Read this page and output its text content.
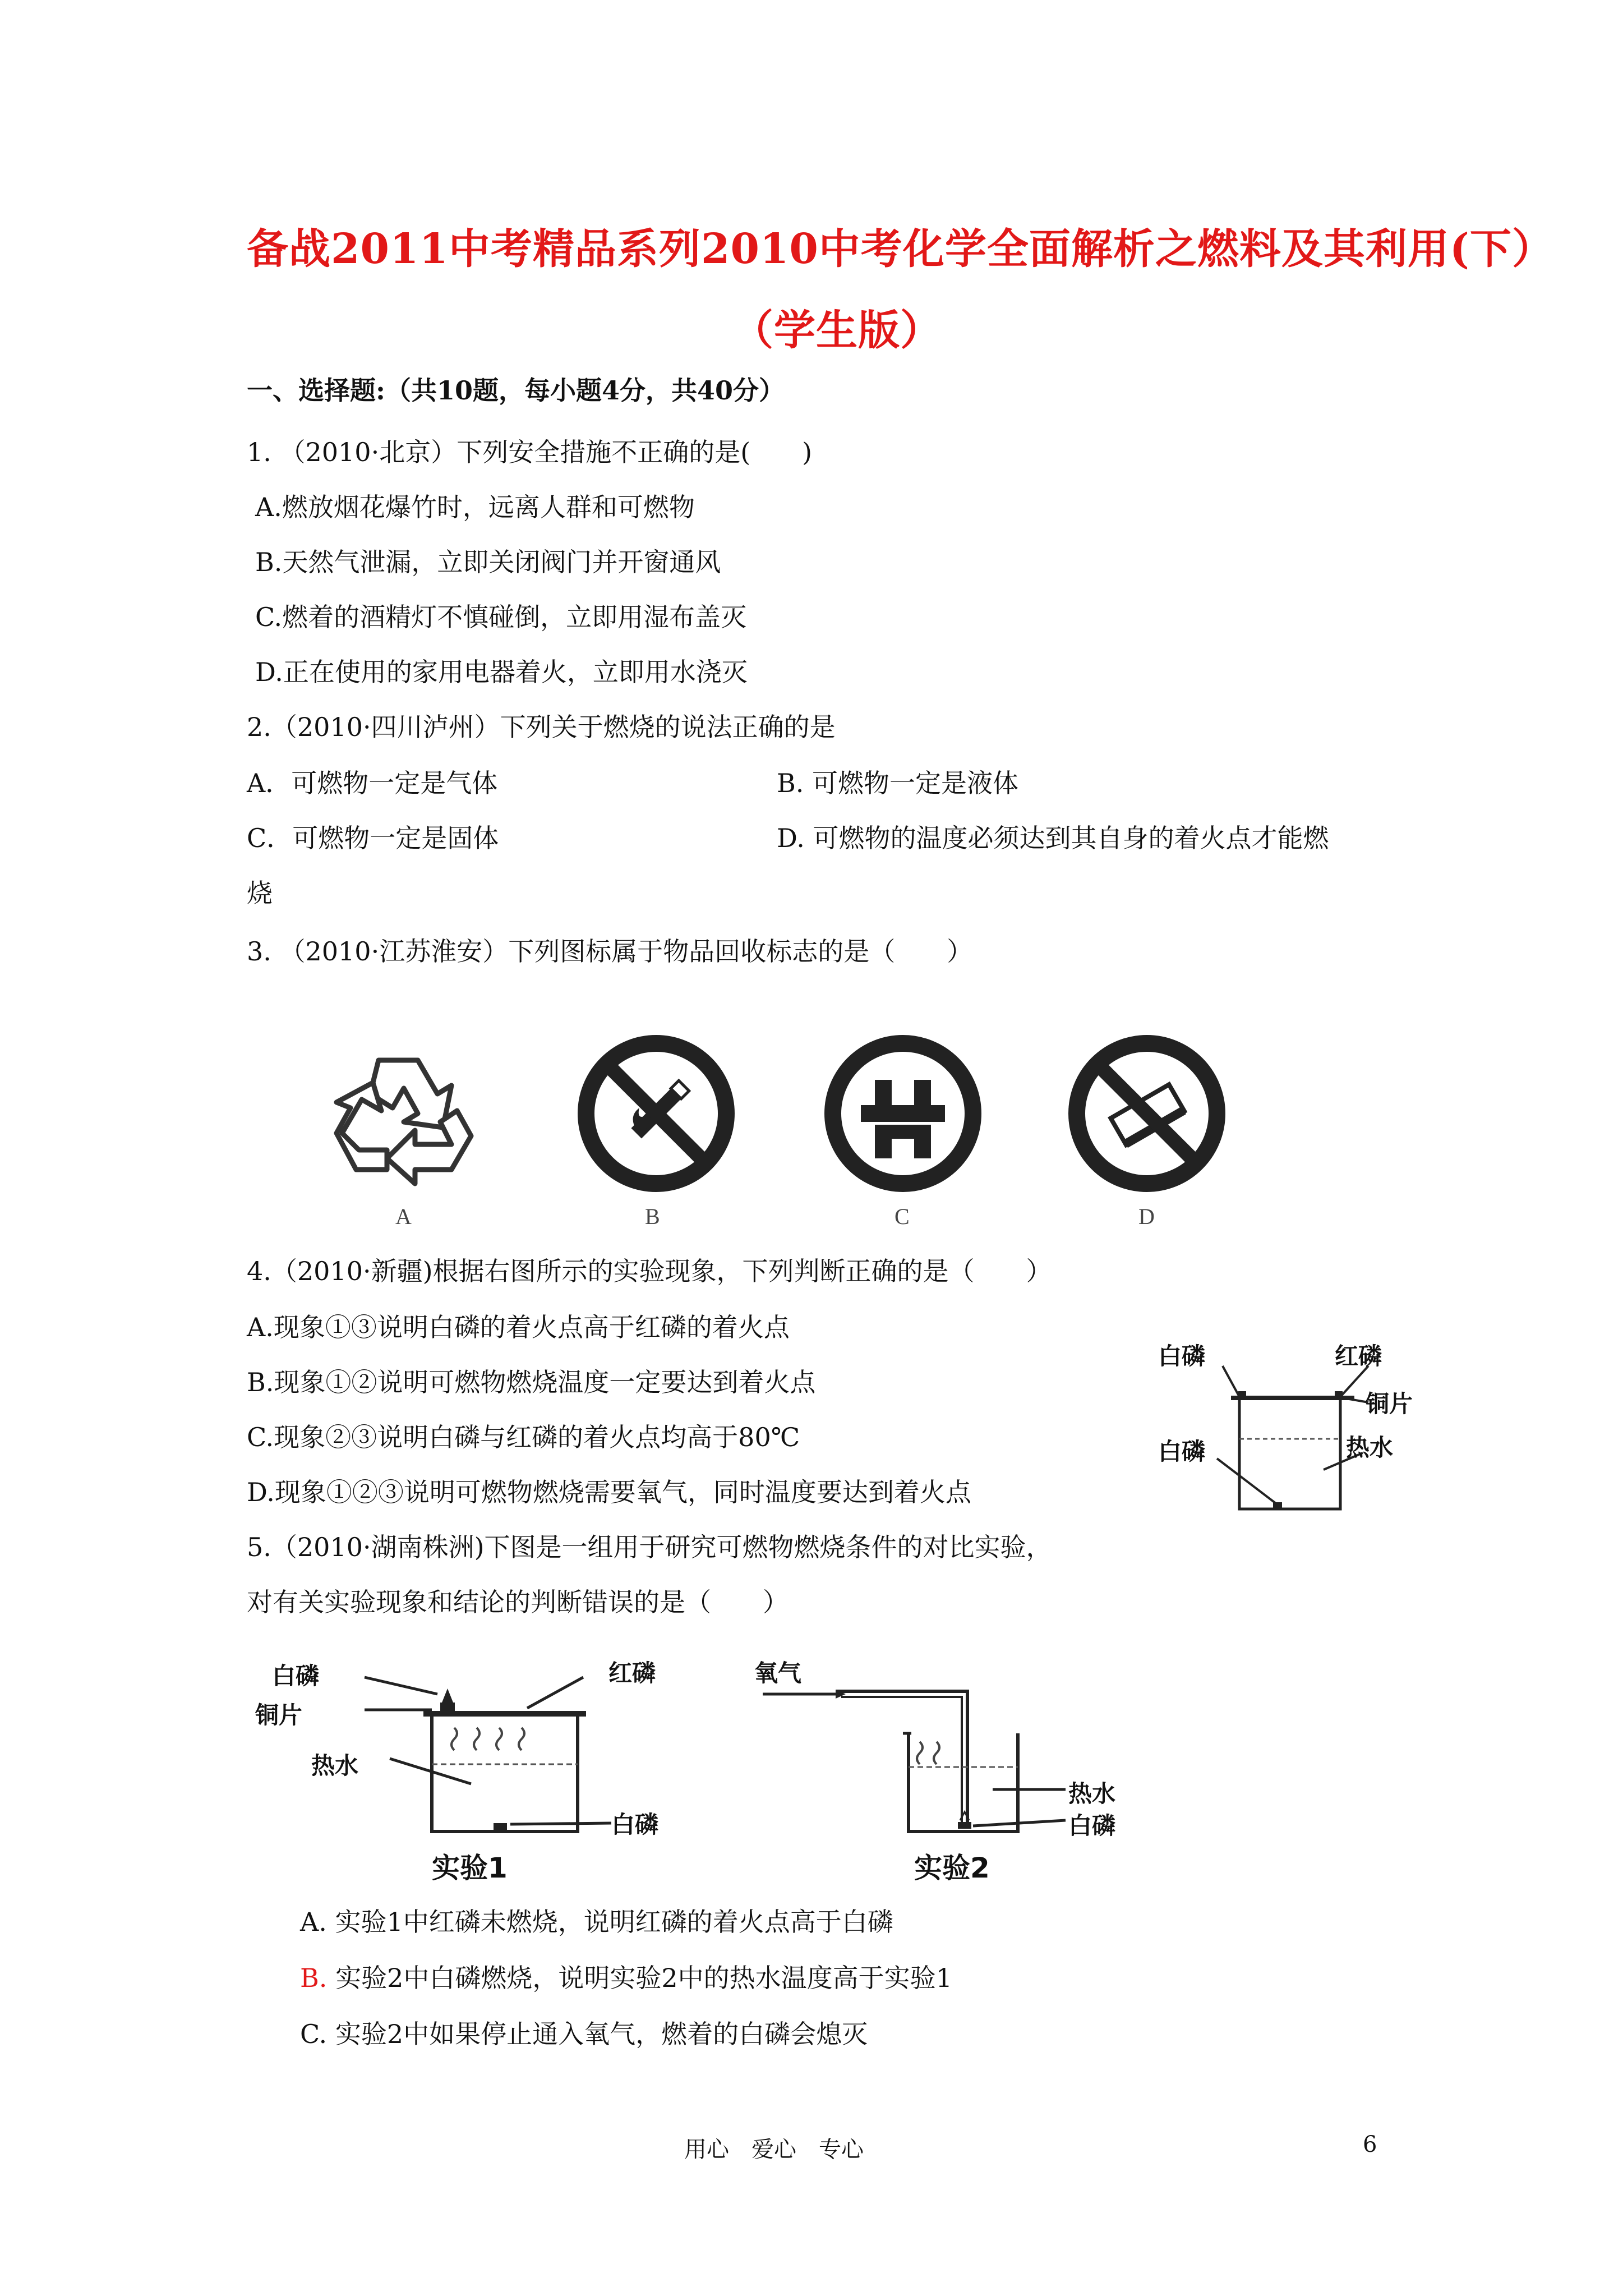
备战2011中考精品系列2010中考化学全面解析之燃料及其利用(下）
（学生版）
一、选择题:（共10题，每小题4分，共40分）
1. （2010·北京）下列安全措施不正确的是(　　)
A.燃放烟花爆竹时，远离人群和可燃物
B.天然气泄漏，立即关闭阀门并开窗通风
C.燃着的酒精灯不慎碰倒，立即用湿布盖灭
D.正在使用的家用电器着火，立即用水浇灭
2.（2010·四川泸州）下列关于燃烧的说法正确的是
A．可燃物一定是气体	B. 可燃物一定是液体
C．可燃物一定是固体	D. 可燃物的温度必须达到其自身的着火点才能燃
烧
3. （2010·江苏淮安）下列图标属于物品回收标志的是（　　）
A	B	C	D
4.（2010·新疆)根据右图所示的实验现象，下列判断正确的是（　　）
A.现象①③说明白磷的着火点高于红磷的着火点
B.现象①②说明可燃物燃烧温度一定要达到着火点
C.现象②③说明白磷与红磷的着火点均高于80℃
D.现象①②③说明可燃物燃烧需要氧气，同时温度要达到着火点
白磷	红磷
铜片
白磷	热水
5.（2010·湖南株洲)下图是一组用于研究可燃物燃烧条件的对比实验，
对有关实验现象和结论的判断错误的是（　　）
白磷	红磷
铜片
热水
白磷
实验1
氧气
热水
白磷
实验2
A. 实验1中红磷未燃烧，说明红磷的着火点高于白磷
B. 实验2中白磷燃烧，说明实验2中的热水温度高于实验1
C. 实验2中如果停止通入氧气，燃着的白磷会熄灭
用心　爱心　专心	6
